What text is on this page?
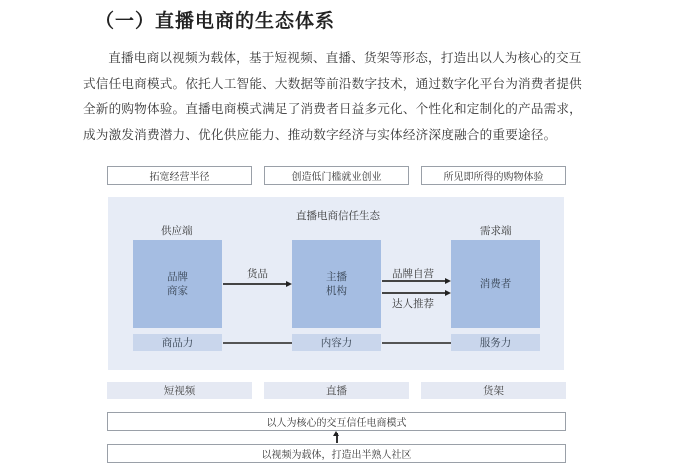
（一）直播电商的生态体系

直播电商以视频为载体，基于短视频、直播、货架等形态，打造出以人为核心的交互

式信任电商模式。依托人工智能、大数据等前沿数字技术，通过数字化平台为消费者提供
全新的购物体验。直播电商模式满足了消费者日益多元化、个性化和定制化的产品需求，
成为激发消费潜力、优化供应能力、推动数字经济与实体经济深度融合的重要途径。
拓宽经营半径	创造低门槛就业创业	所见即所得的购物体验
直播电商信任生态
供应端	需求端
品牌
商家
主播
机构
消费者
商品力	内容力	服务力
货品	品牌自营
达人推荐
短视频	直播	货架
以人为核心的交互信任电商模式
以视频为载体，打造出半熟人社区
